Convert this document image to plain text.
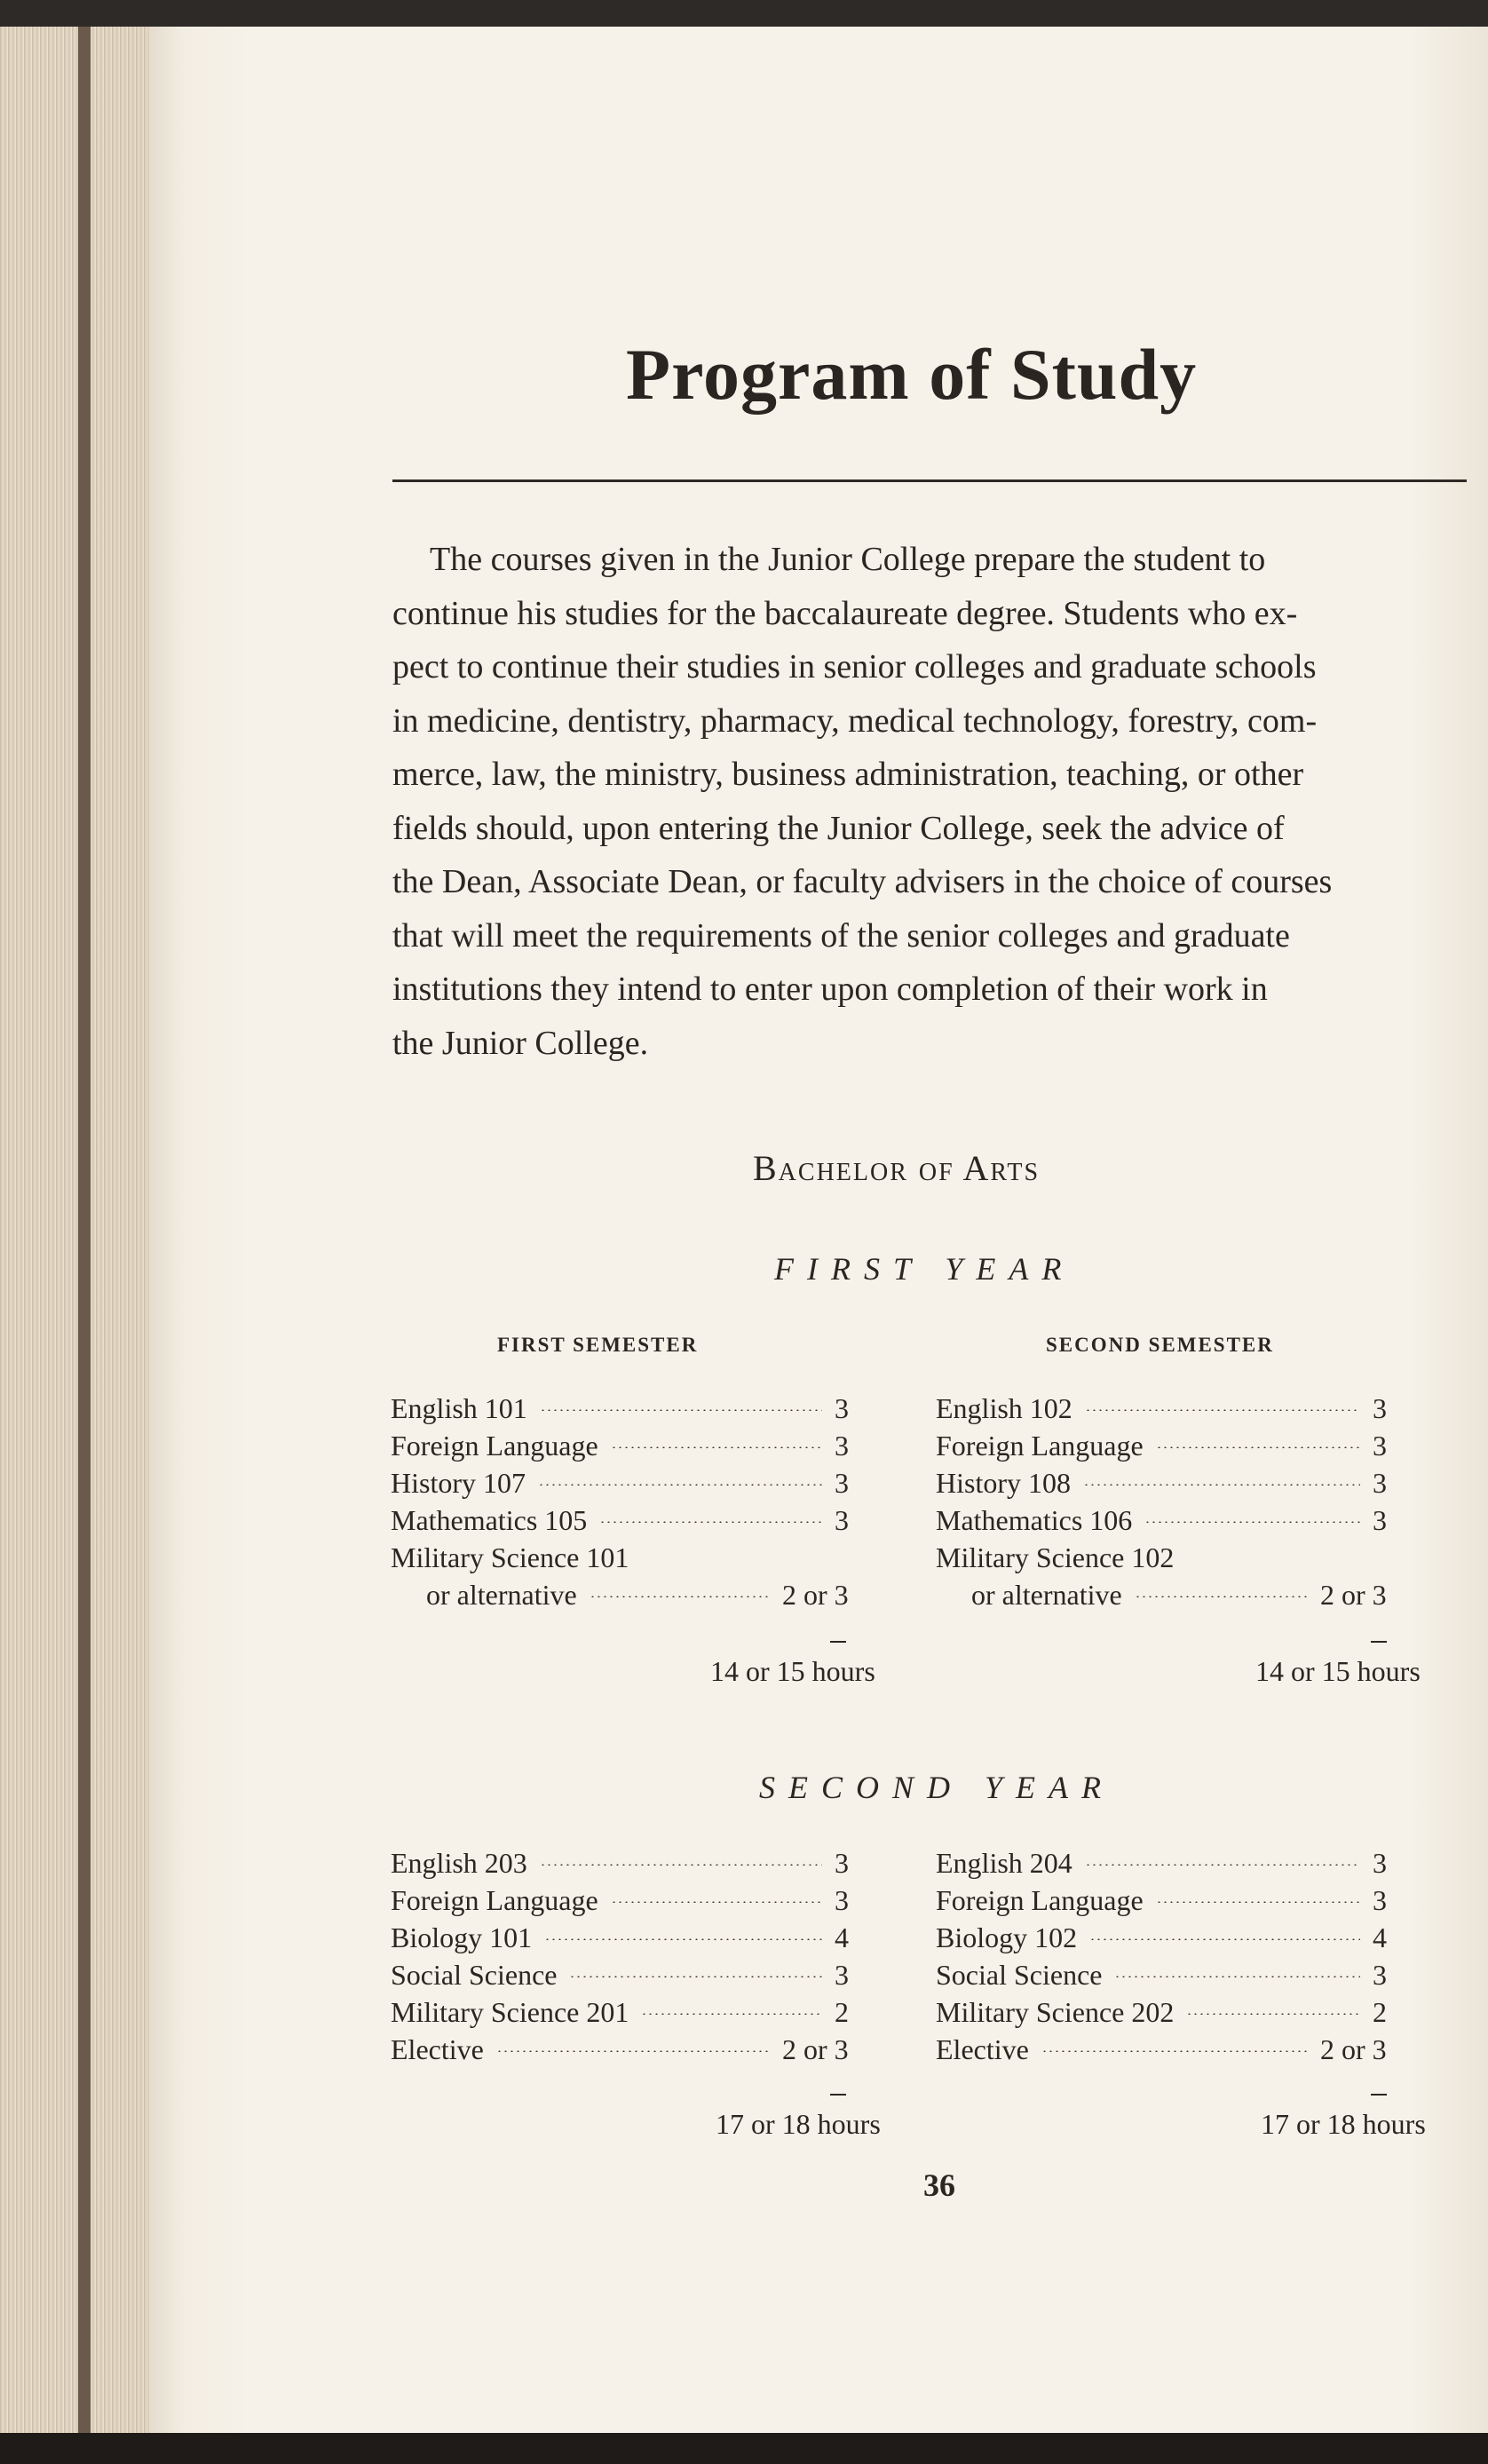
Program of Study
The courses given in the Junior College prepare the student to
continue his studies for the baccalaureate degree. Students who ex-
pect to continue their studies in senior colleges and graduate schools
in medicine, dentistry, pharmacy, medical technology, forestry, com-
merce, law, the ministry, business administration, teaching, or other
fields should, upon entering the Junior College, seek the advice of
the Dean, Associate Dean, or faculty advisers in the choice of courses
that will meet the requirements of the senior colleges and graduate
institutions they intend to enter upon completion of their work in
the Junior College.
Bachelor of Arts
FIRST YEAR
FIRST SEMESTER	SECOND SEMESTER
English 101	3
Foreign Language	3
History 107	3
Mathematics 105	3
Military Science 101
or alternative	2 or 3
English 102	3
Foreign Language	3
History 108	3
Mathematics 106	3
Military Science 102
or alternative	2 or 3
14 or 15 hours	14 or 15 hours
SECOND YEAR
English 203	3
Foreign Language	3
Biology 101	4
Social Science	3
Military Science 201	2
Elective	2 or 3
English 204	3
Foreign Language	3
Biology 102	4
Social Science	3
Military Science 202	2
Elective	2 or 3
17 or 18 hours	17 or 18 hours
36
